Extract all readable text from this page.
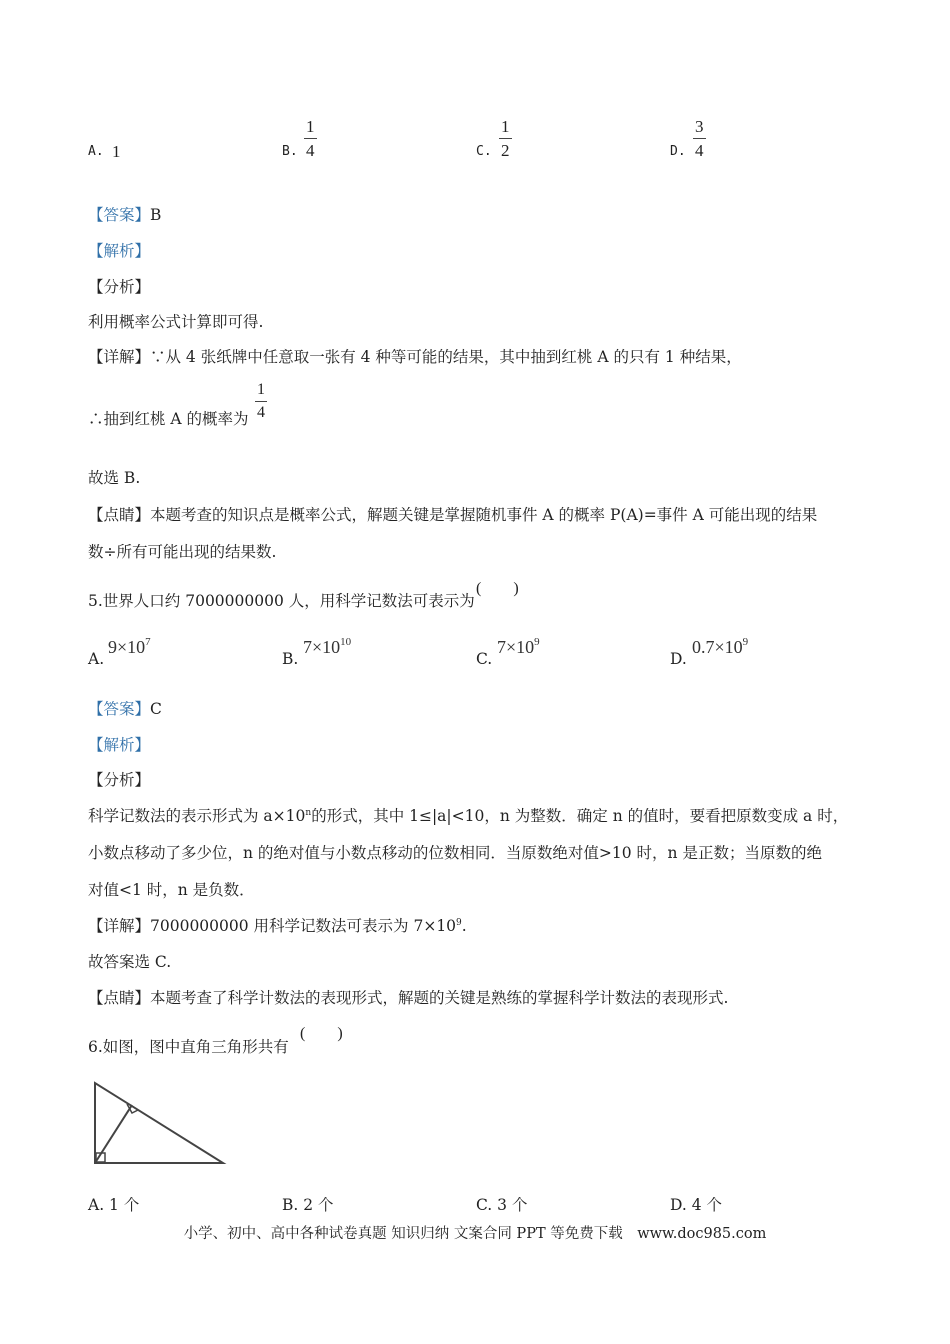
A. 1	B.
1
4	C.
1
2	D.
3
4
【答案】B
【解析】
【分析】
利用概率公式计算即可得.
【详解】∵从 4 张纸牌中任意取一张有 4 种等可能的结果，其中抽到红桃 A 的只有 1 种结果，
∴抽到红桃 A 的概率为
1
4
故选 B.
【点睛】本题考查的知识点是概率公式，解题关键是掌握随机事件 A 的概率 P(A)=事件 A 可能出现的结果
数÷所有可能出现的结果数.
5.世界人口约 7000000000 人，用科学记数法可表示为
(　　)
A.
$9\times 10^7$
B.
$7\times 10^{10}$
C.
$7\times 10^9$
D.
$0.7\times 10^9$
【答案】C
【解析】
【分析】
科学记数法的表示形式为 $a\times 10^n$的形式，其中 1≤|a|<10，n 为整数．确定 n 的值时，要看把原数变成 a 时，
小数点移动了多少位，n 的绝对值与小数点移动的位数相同．当原数绝对值>10 时，n 是正数；当原数的绝
对值<1 时，n 是负数．
【详解】7000000000 用科学记数法可表示为 $7\times 10^9$.
故答案选 C.
【点睛】本题考查了科学计数法的表现形式，解题的关键是熟练的掌握科学计数法的表现形式.
6.如图，图中直角三角形共有
(　　)
A. 1 个	B. 2 个	C. 3 个	D. 4 个
小学、初中、高中各种试卷真题 知识归纳 文案合同 PPT 等免费下载　www.doc985.com
